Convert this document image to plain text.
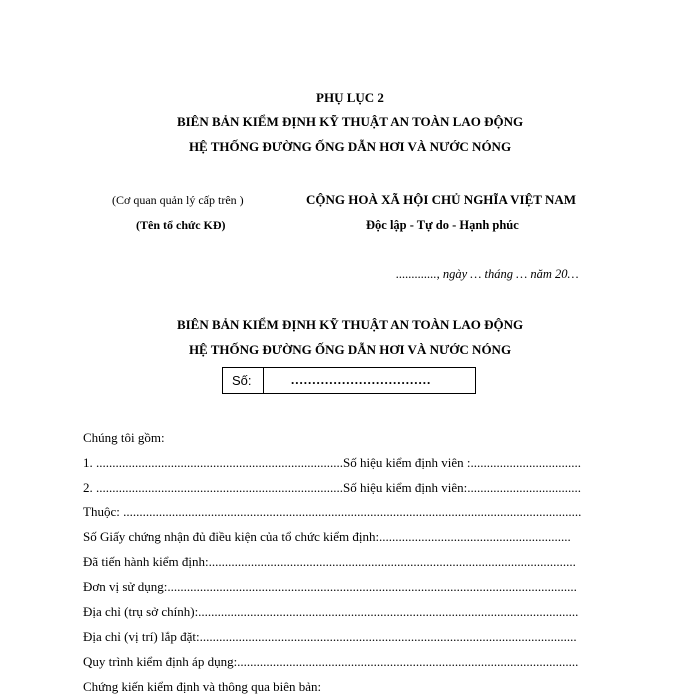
PHỤ LỤC 2
BIÊN BẢN KIỂM ĐỊNH KỸ THUẬT AN TOÀN LAO ĐỘNG
HỆ THỐNG ĐƯỜNG ỐNG DẪN HƠI VÀ NƯỚC NÓNG
(Cơ quan quản lý cấp trên )
(Tên tổ chức KĐ)
CỘNG HOÀ XÃ HỘI CHỦ NGHĨA VIỆT NAM
Độc lập - Tự do - Hạnh phúc
............., ngày … tháng … năm 20…
BIÊN BẢN KIỂM ĐỊNH KỸ THUẬT AN TOÀN LAO ĐỘNG
HỆ THỐNG ĐƯỜNG ỐNG DẪN HƠI VÀ NƯỚC NÓNG
Số:	.................................
Chúng tôi gồm:
1. ............................................................................Số hiệu kiểm định viên :..................................
2. ............................................................................Số hiệu kiểm định viên:...................................
Thuộc: .............................................................................................................................................
Số Giấy chứng nhận đủ điều kiện của tổ chức kiểm định:...........................................................
Đã tiến hành kiểm định:.................................................................................................................
Đơn vị sử dụng:..............................................................................................................................
Địa chỉ (trụ sở chính):.....................................................................................................................
Địa chỉ (vị trí) lắp đặt:....................................................................................................................
Quy trình kiểm định áp dụng:.........................................................................................................
Chứng kiến kiểm định và thông qua biên bản:
